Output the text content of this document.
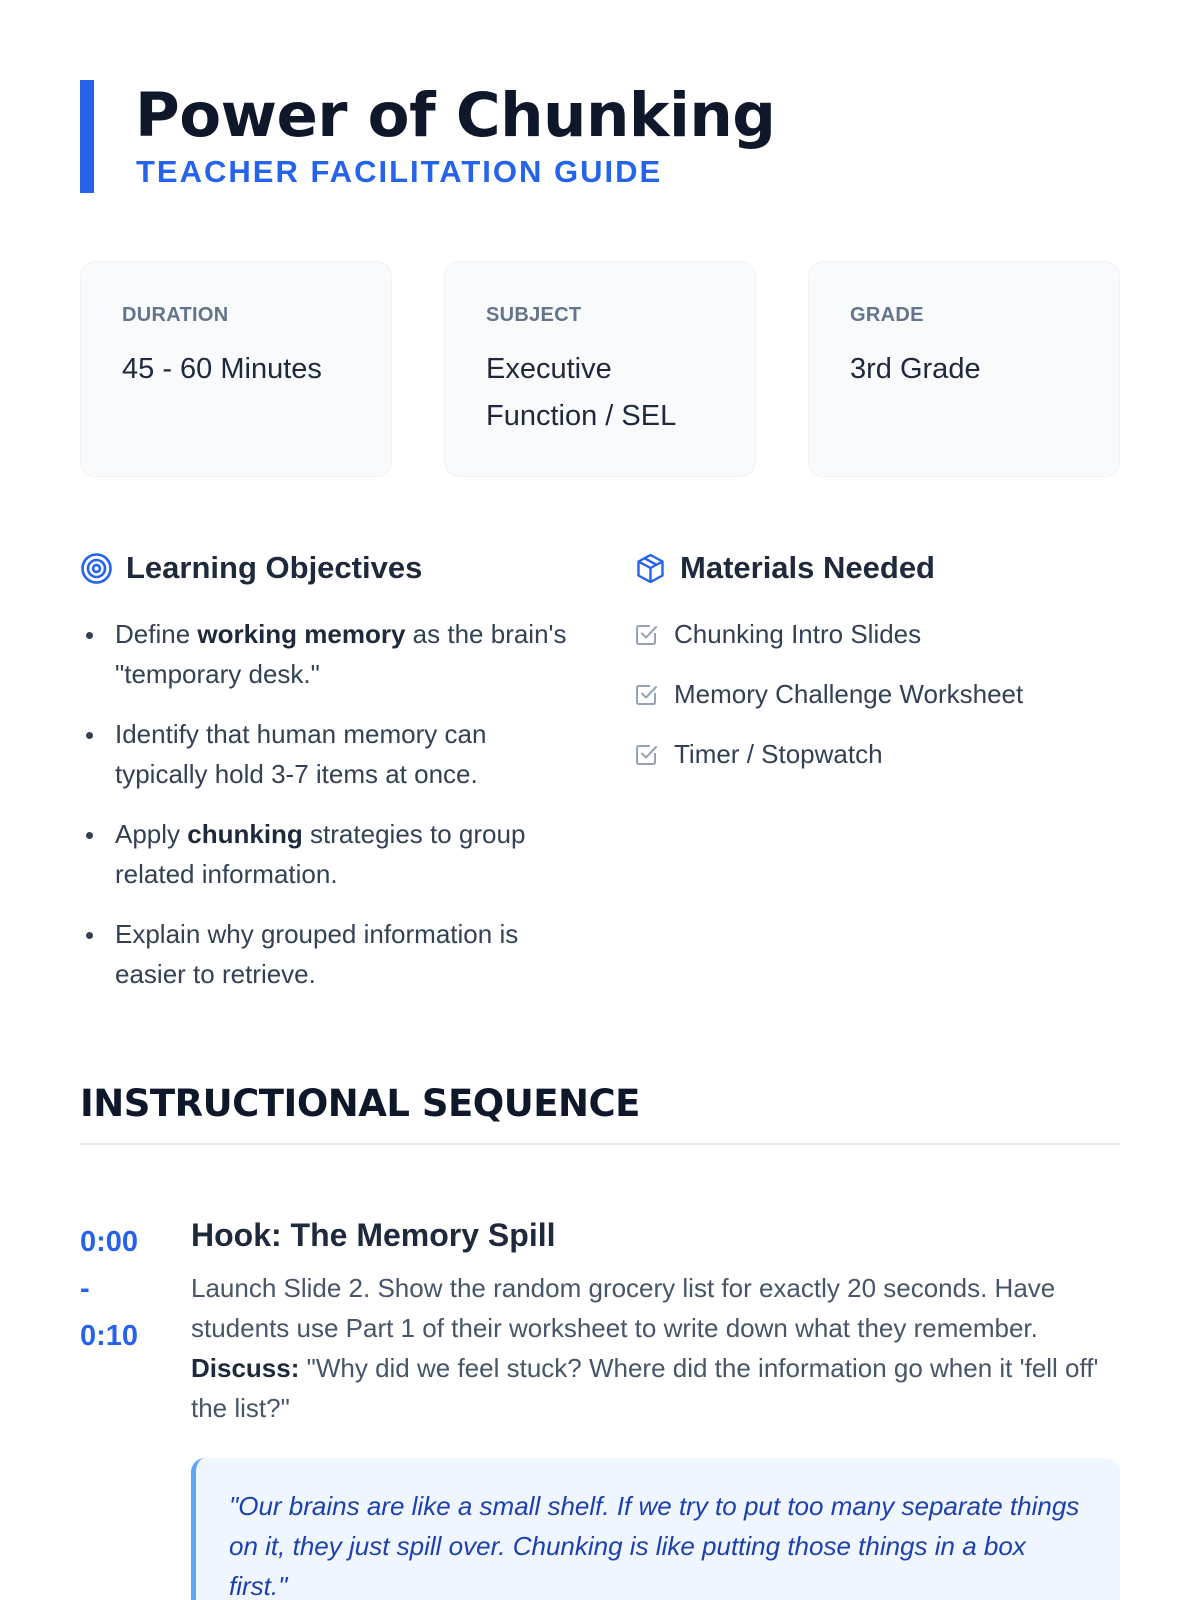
Power of Chunking
TEACHER FACILITATION GUIDE
DURATION
45 - 60 Minutes
SUBJECT
Executive Function / SEL
GRADE
3rd Grade
Learning Objectives
Define working memory as the brain's "temporary desk."
Identify that human memory can typically hold 3-7 items at once.
Apply chunking strategies to group related information.
Explain why grouped information is easier to retrieve.
Materials Needed
Chunking Intro Slides
Memory Challenge Worksheet
Timer / Stopwatch
INSTRUCTIONAL SEQUENCE
0:00
-
0:10
Hook: The Memory Spill
Launch Slide 2. Show the random grocery list for exactly 20 seconds. Have students use Part 1 of their worksheet to write down what they remember. Discuss: "Why did we feel stuck? Where did the information go when it 'fell off' the list?"
"Our brains are like a small shelf. If we try to put too many separate things on it, they just spill over. Chunking is like putting those things in a box first."
